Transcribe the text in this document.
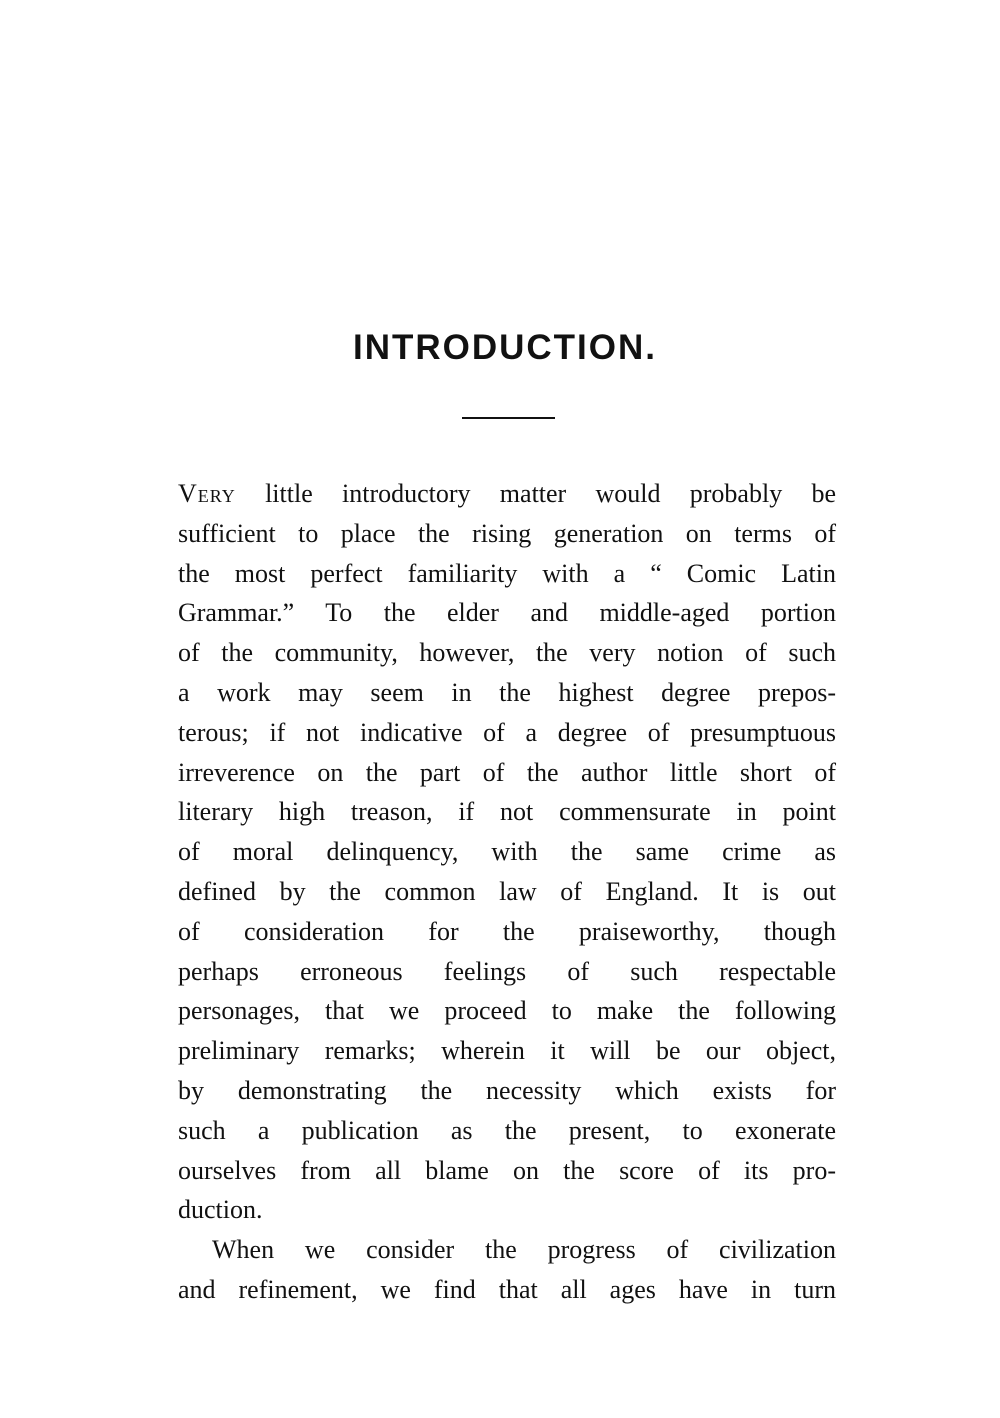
INTRODUCTION.
Very little introductory matter would probably be
sufficient to place the rising generation on terms of
the most perfect familiarity with a “ Comic Latin
Grammar.” To the elder and middle-aged portion
of the community, however, the very notion of such
a work may seem in the highest degree prepos-
terous; if not indicative of a degree of presumptuous
irreverence on the part of the author little short of
literary high treason, if not commensurate in point
of moral delinquency, with the same crime as
defined by the common law of England. It is out
of consideration for the praiseworthy, though
perhaps erroneous feelings of such respectable
personages, that we proceed to make the following
preliminary remarks; wherein it will be our object,
by demonstrating the necessity which exists for
such a publication as the present, to exonerate
ourselves from all blame on the score of its pro-
duction.
When we consider the progress of civilization
and refinement, we find that all ages have in turn
